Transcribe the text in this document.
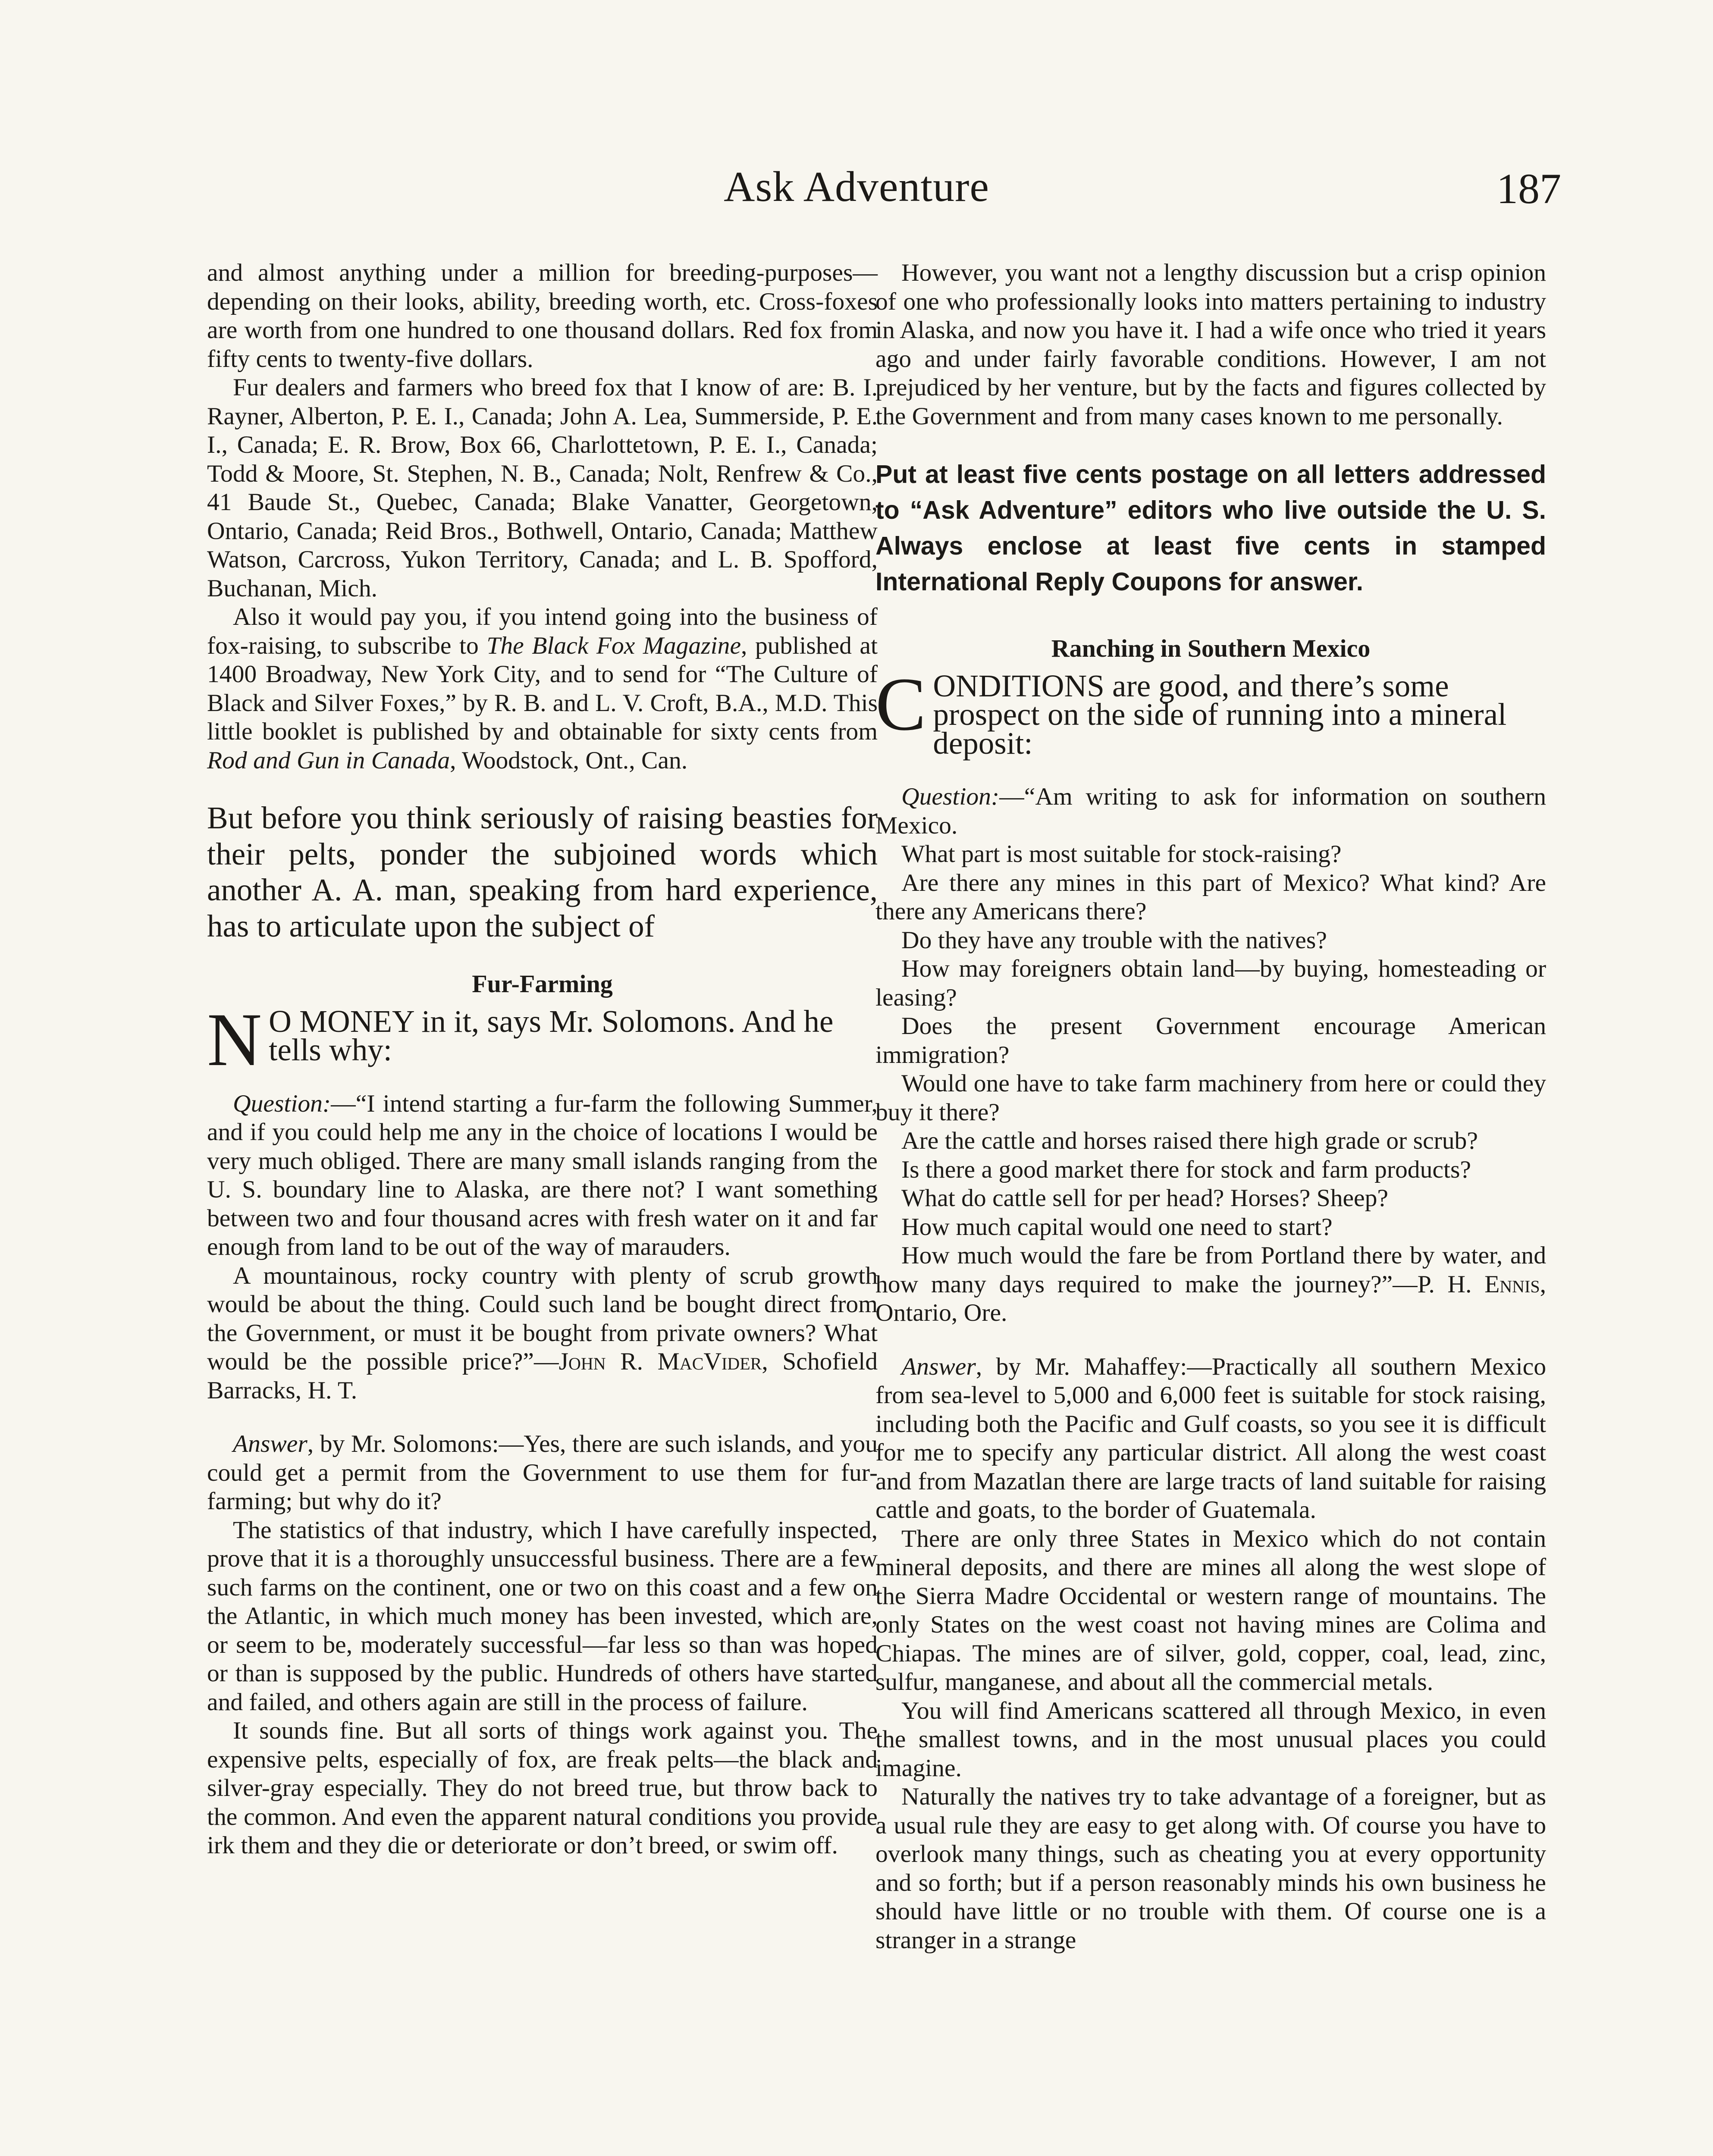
Ask Adventure	187

and almost anything under a million for breeding-purposes—depending on their looks, ability, breeding worth, etc. Cross-foxes are worth from one hundred to one thousand dollars. Red fox from fifty cents to twenty-five dollars.

Fur dealers and farmers who breed fox that I know of are: B. I. Rayner, Alberton, P. E. I., Canada; John A. Lea, Summerside, P. E. I., Canada; E. R. Brow, Box 66, Charlottetown, P. E. I., Canada; Todd & Moore, St. Stephen, N. B., Canada; Nolt, Renfrew & Co., 41 Baude St., Quebec, Canada; Blake Vanatter, Georgetown, Ontario, Canada; Reid Bros., Bothwell, Ontario, Canada; Matthew Watson, Carcross, Yukon Territory, Canada; and L. B. Spofford, Buchanan, Mich.

Also it would pay you, if you intend going into the business of fox-raising, to subscribe to The Black Fox Magazine, published at 1400 Broadway, New York City, and to send for “The Culture of Black and Silver Foxes,” by R. B. and L. V. Croft, B.A., M.D. This little booklet is published by and obtainable for sixty cents from Rod and Gun in Canada, Woodstock, Ont., Can.

But before you think seriously of raising beasties for their pelts, ponder the subjoined words which another A. A. man, speaking from hard experience, has to articulate upon the subject of

Fur-Farming

N O MONEY in it, says Mr. Solomons. And he tells why:

Question:—“I intend starting a fur-farm the following Summer, and if you could help me any in the choice of locations I would be very much obliged. There are many small islands ranging from the U. S. boundary line to Alaska, are there not? I want something between two and four thousand acres with fresh water on it and far enough from land to be out of the way of marauders.

A mountainous, rocky country with plenty of scrub growth would be about the thing. Could such land be bought direct from the Government, or must it be bought from private owners? What would be the possible price?”—John R. MacVider, Schofield Barracks, H. T.

Answer, by Mr. Solomons:—Yes, there are such islands, and you could get a permit from the Government to use them for fur-farming; but why do it?

The statistics of that industry, which I have carefully inspected, prove that it is a thoroughly unsuccessful business. There are a few such farms on the continent, one or two on this coast and a few on the Atlantic, in which much money has been invested, which are, or seem to be, moderately successful—far less so than was hoped or than is supposed by the public. Hundreds of others have started and failed, and others again are still in the process of failure.

It sounds fine. But all sorts of things work against you. The expensive pelts, especially of fox, are freak pelts—the black and silver-gray especially. They do not breed true, but throw back to the common. And even the apparent natural conditions you provide irk them and they die or deteriorate or don’t breed, or swim off.

However, you want not a lengthy discussion but a crisp opinion of one who professionally looks into matters pertaining to industry in Alaska, and now you have it. I had a wife once who tried it years ago and under fairly favorable conditions. However, I am not prejudiced by her venture, but by the facts and figures collected by the Government and from many cases known to me personally.

Put at least five cents postage on all letters addressed to “Ask Adventure” editors who live outside the U. S. Always enclose at least five cents in stamped International Reply Coupons for answer.
Ranching in Southern Mexico

CONDITIONS are good, and there’s some prospect on the side of running into a mineral deposit:

Question:—“Am writing to ask for information on southern Mexico.

What part is most suitable for stock-raising?

Are there any mines in this part of Mexico? What kind? Are there any Americans there?

Do they have any trouble with the natives?

How may foreigners obtain land—by buying, homesteading or leasing?

Does the present Government encourage American immigration?

Would one have to take farm machinery from here or could they buy it there?

Are the cattle and horses raised there high grade or scrub?

Is there a good market there for stock and farm products?

What do cattle sell for per head? Horses? Sheep?

How much capital would one need to start?

How much would the fare be from Portland there by water, and how many days required to make the journey?”—P. H. Ennis, Ontario, Ore.

Answer, by Mr. Mahaffey:—Practically all southern Mexico from sea-level to 5,000 and 6,000 feet is suitable for stock raising, including both the Pacific and Gulf coasts, so you see it is difficult for me to specify any particular district. All along the west coast and from Mazatlan there are large tracts of land suitable for raising cattle and goats, to the border of Guatemala.

There are only three States in Mexico which do not contain mineral deposits, and there are mines all along the west slope of the Sierra Madre Occidental or western range of mountains. The only States on the west coast not having mines are Colima and Chiapas. The mines are of silver, gold, copper, coal, lead, zinc, sulfur, manganese, and about all the commercial metals.

You will find Americans scattered all through Mexico, in even the smallest towns, and in the most unusual places you could imagine.

Naturally the natives try to take advantage of a foreigner, but as a usual rule they are easy to get along with. Of course you have to overlook many things, such as cheating you at every opportunity and so forth; but if a person reasonably minds his own business he should have little or no trouble with them. Of course one is a stranger in a strange
